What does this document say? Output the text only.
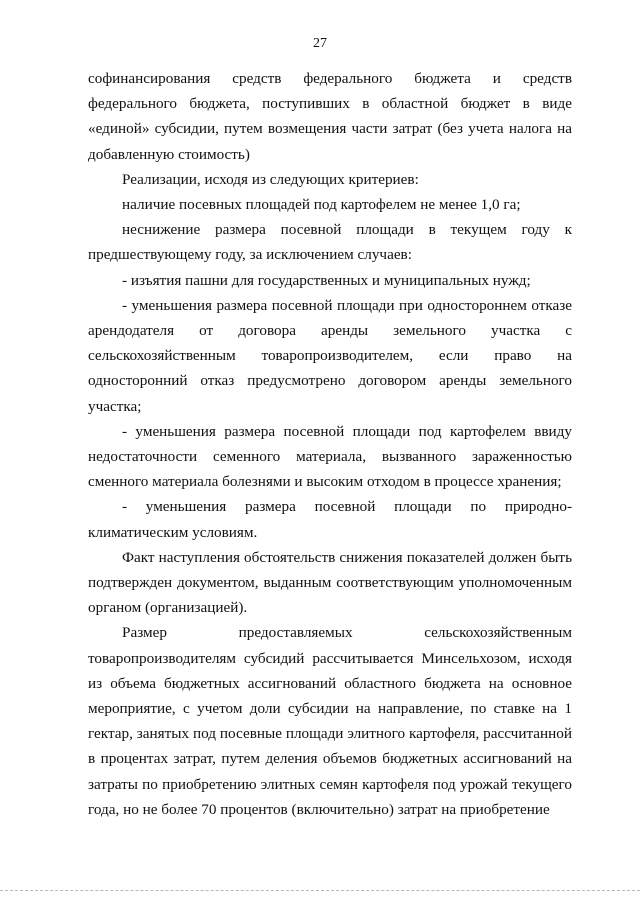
27

софинансирования средств федерального бюджета и средств федерального бюджета, поступивших в областной бюджет в виде «единой» субсидии, путем возмещения части затрат (без учета налога на добавленную стоимость)

Реализации, исходя из следующих критериев:

наличие посевных площадей под картофелем не менее 1,0 га;

неснижение размера посевной площади в текущем году к предшествующему году, за исключением случаев:

- изъятия пашни для государственных и муниципальных нужд;

- уменьшения размера посевной площади при одностороннем отказе арендодателя от договора аренды земельного участка с сельскохозяйственным товаропроизводителем, если право на односторонний отказ предусмотрено договором аренды земельного участка;

- уменьшения размера посевной площади под картофелем ввиду недостаточности семенного материала, вызванного зараженностью сменного материала болезнями и высоким отходом в процессе хранения;

- уменьшения размера посевной площади по природно-климатическим условиям.

Факт наступления обстоятельств снижения показателей должен быть подтвержден документом, выданным соответствующим уполномоченным органом (организацией).

Размер предоставляемых сельскохозяйственным товаропроизводителям субсидий рассчитывается Минсельхозом, исходя из объема бюджетных ассигнований областного бюджета на основное мероприятие, с учетом доли субсидии на направление, по ставке на 1 гектар, занятых под посевные площади элитного картофеля, рассчитанной в процентах затрат, путем деления объемов бюджетных ассигнований на затраты по приобретению элитных семян картофеля под урожай текущего года, но не более 70 процентов (включительно) затрат на приобретение
